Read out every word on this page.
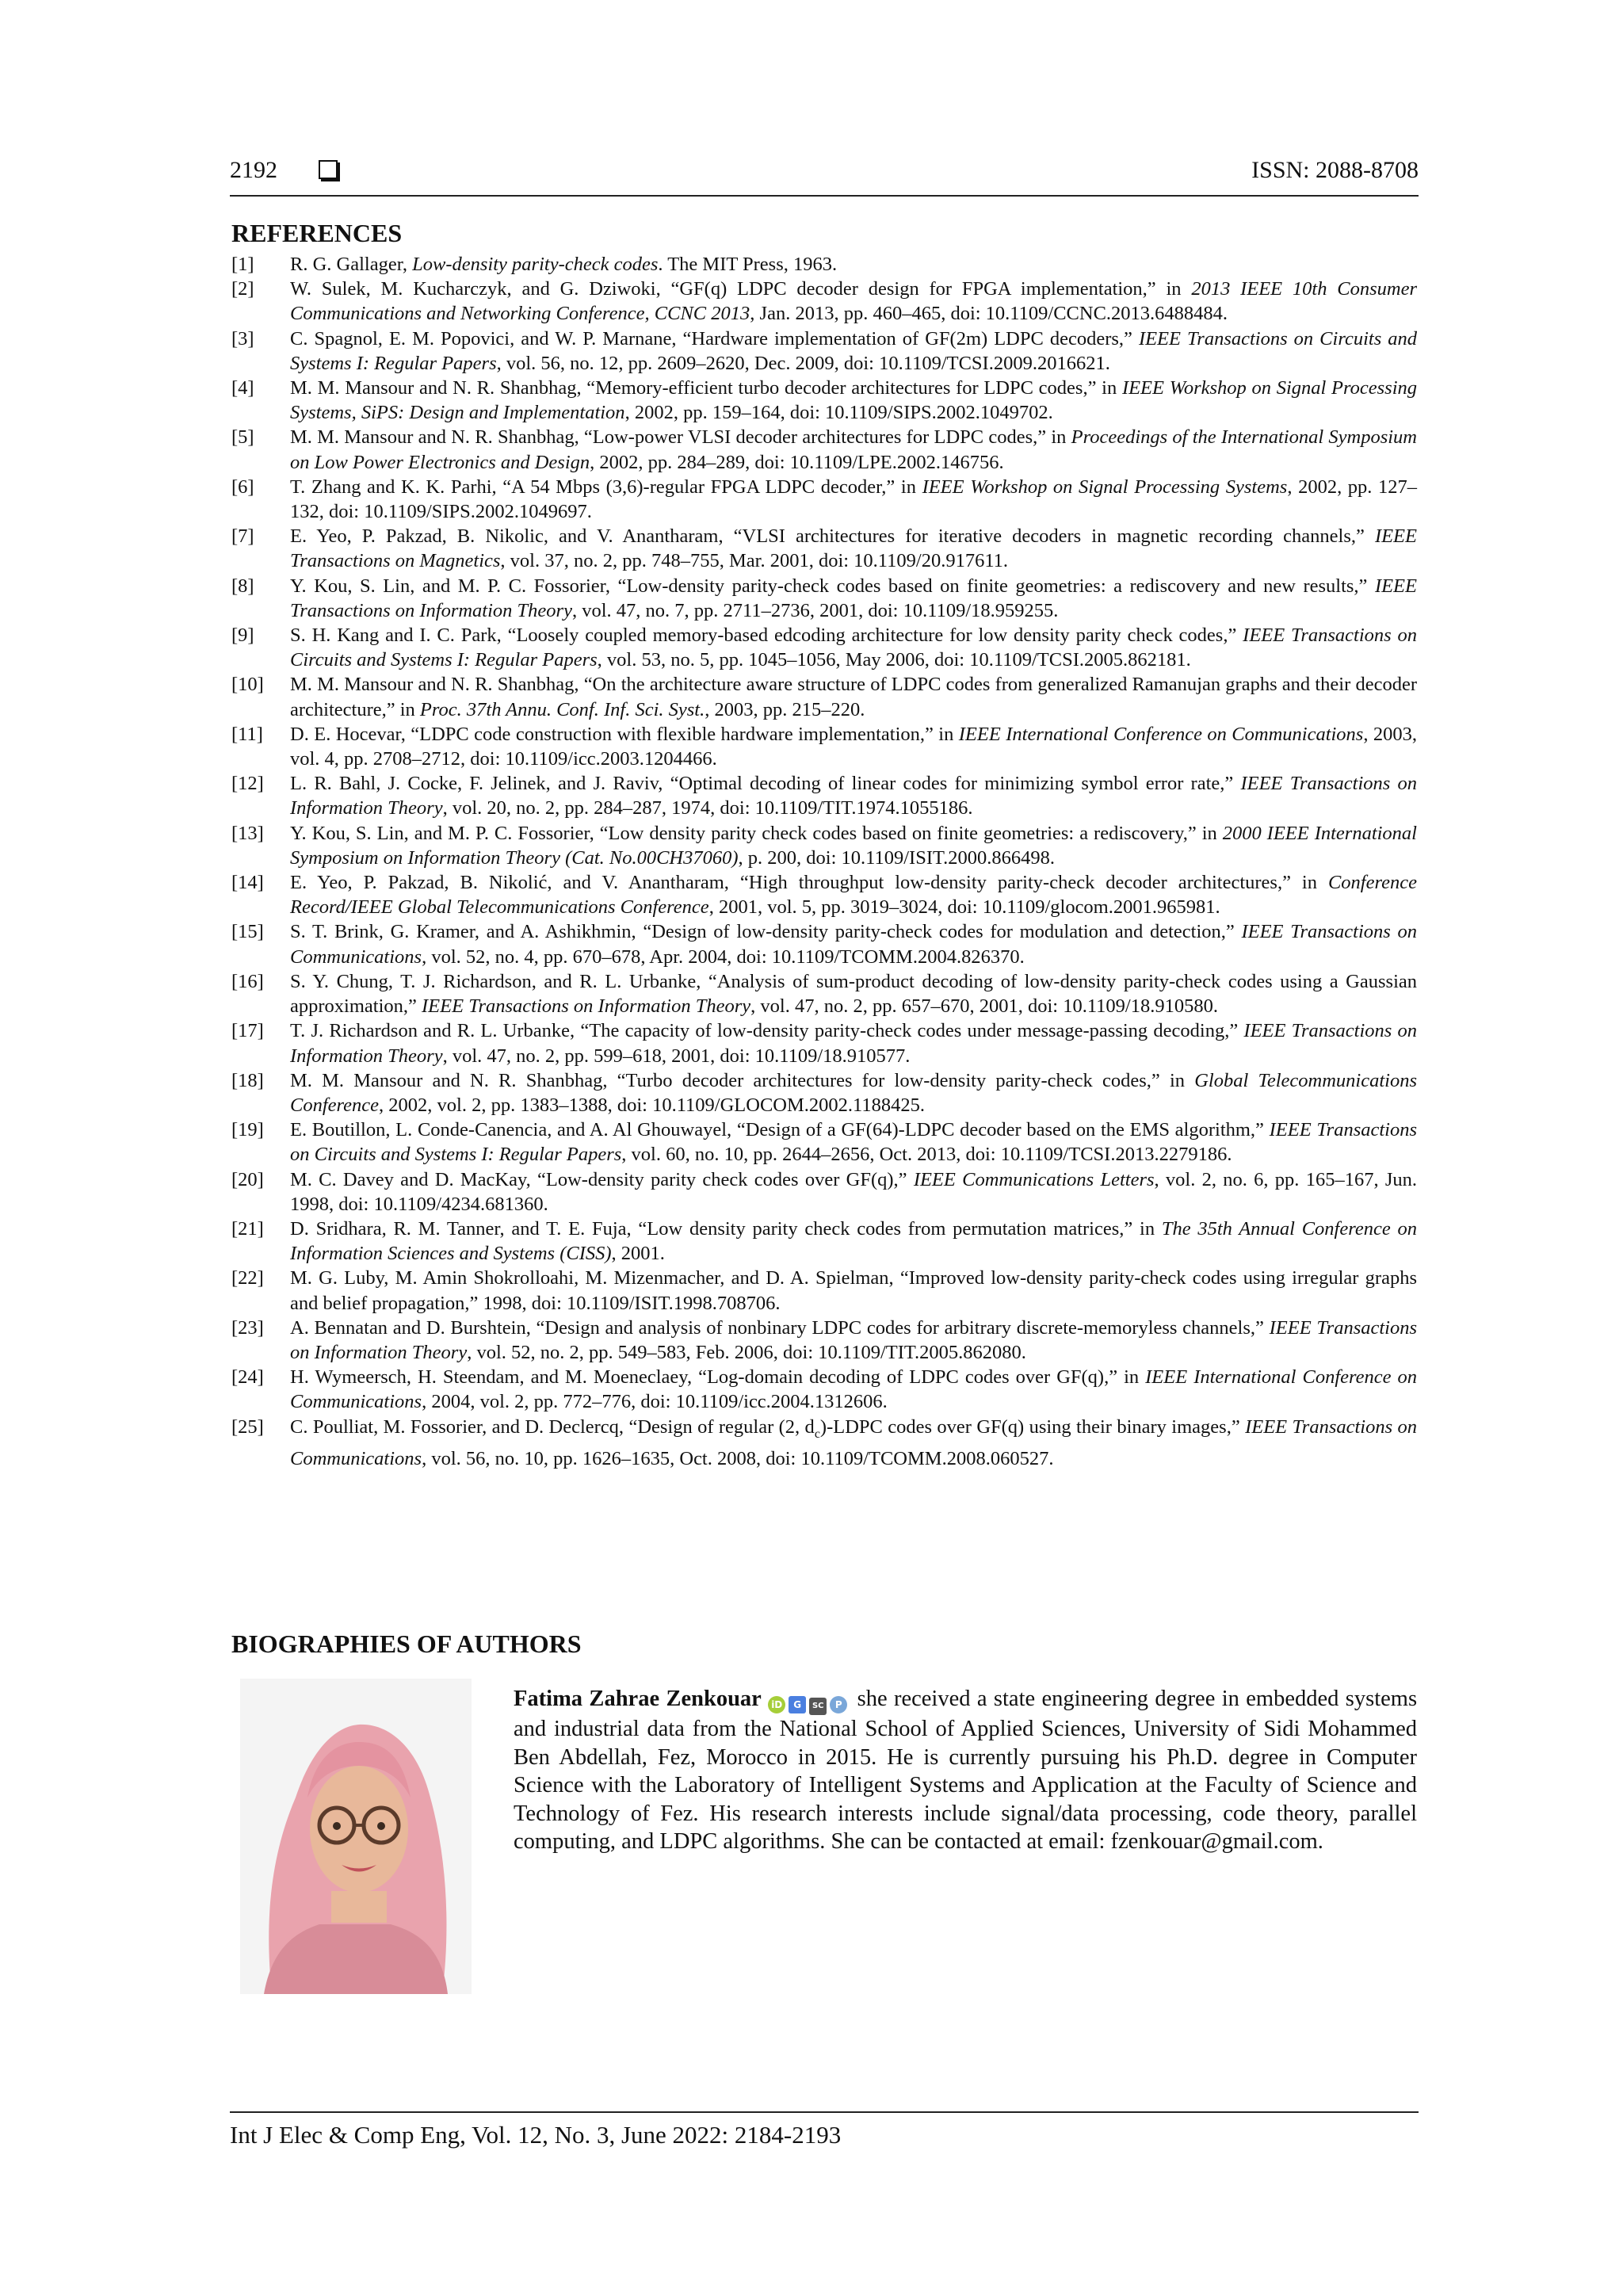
2192	ISSN: 2088-8708
REFERENCES
[1] R. G. Gallager, Low-density parity-check codes. The MIT Press, 1963.
[2] W. Sulek, M. Kucharczyk, and G. Dziwoki, “GF(q) LDPC decoder design for FPGA implementation,” in 2013 IEEE 10th Consumer Communications and Networking Conference, CCNC 2013, Jan. 2013, pp. 460–465, doi: 10.1109/CCNC.2013.6488484.
[3] C. Spagnol, E. M. Popovici, and W. P. Marnane, “Hardware implementation of GF(2m) LDPC decoders,” IEEE Transactions on Circuits and Systems I: Regular Papers, vol. 56, no. 12, pp. 2609–2620, Dec. 2009, doi: 10.1109/TCSI.2009.2016621.
[4] M. M. Mansour and N. R. Shanbhag, “Memory-efficient turbo decoder architectures for LDPC codes,” in IEEE Workshop on Signal Processing Systems, SiPS: Design and Implementation, 2002, pp. 159–164, doi: 10.1109/SIPS.2002.1049702.
[5] M. M. Mansour and N. R. Shanbhag, “Low-power VLSI decoder architectures for LDPC codes,” in Proceedings of the International Symposium on Low Power Electronics and Design, 2002, pp. 284–289, doi: 10.1109/LPE.2002.146756.
[6] T. Zhang and K. K. Parhi, “A 54 Mbps (3,6)-regular FPGA LDPC decoder,” in IEEE Workshop on Signal Processing Systems, 2002, pp. 127–132, doi: 10.1109/SIPS.2002.1049697.
[7] E. Yeo, P. Pakzad, B. Nikolic, and V. Anantharam, “VLSI architectures for iterative decoders in magnetic recording channels,” IEEE Transactions on Magnetics, vol. 37, no. 2, pp. 748–755, Mar. 2001, doi: 10.1109/20.917611.
[8] Y. Kou, S. Lin, and M. P. C. Fossorier, “Low-density parity-check codes based on finite geometries: a rediscovery and new results,” IEEE Transactions on Information Theory, vol. 47, no. 7, pp. 2711–2736, 2001, doi: 10.1109/18.959255.
[9] S. H. Kang and I. C. Park, “Loosely coupled memory-based edcoding architecture for low density parity check codes,” IEEE Transactions on Circuits and Systems I: Regular Papers, vol. 53, no. 5, pp. 1045–1056, May 2006, doi: 10.1109/TCSI.2005.862181.
[10] M. M. Mansour and N. R. Shanbhag, “On the architecture aware structure of LDPC codes from generalized Ramanujan graphs and their decoder architecture,” in Proc. 37th Annu. Conf. Inf. Sci. Syst., 2003, pp. 215–220.
[11] D. E. Hocevar, “LDPC code construction with flexible hardware implementation,” in IEEE International Conference on Communications, 2003, vol. 4, pp. 2708–2712, doi: 10.1109/icc.2003.1204466.
[12] L. R. Bahl, J. Cocke, F. Jelinek, and J. Raviv, “Optimal decoding of linear codes for minimizing symbol error rate,” IEEE Transactions on Information Theory, vol. 20, no. 2, pp. 284–287, 1974, doi: 10.1109/TIT.1974.1055186.
[13] Y. Kou, S. Lin, and M. P. C. Fossorier, “Low density parity check codes based on finite geometries: a rediscovery,” in 2000 IEEE International Symposium on Information Theory (Cat. No.00CH37060), p. 200, doi: 10.1109/ISIT.2000.866498.
[14] E. Yeo, P. Pakzad, B. Nikolić, and V. Anantharam, “High throughput low-density parity-check decoder architectures,” in Conference Record/IEEE Global Telecommunications Conference, 2001, vol. 5, pp. 3019–3024, doi: 10.1109/glocom.2001.965981.
[15] S. T. Brink, G. Kramer, and A. Ashikhmin, “Design of low-density parity-check codes for modulation and detection,” IEEE Transactions on Communications, vol. 52, no. 4, pp. 670–678, Apr. 2004, doi: 10.1109/TCOMM.2004.826370.
[16] S. Y. Chung, T. J. Richardson, and R. L. Urbanke, “Analysis of sum-product decoding of low-density parity-check codes using a Gaussian approximation,” IEEE Transactions on Information Theory, vol. 47, no. 2, pp. 657–670, 2001, doi: 10.1109/18.910580.
[17] T. J. Richardson and R. L. Urbanke, “The capacity of low-density parity-check codes under message-passing decoding,” IEEE Transactions on Information Theory, vol. 47, no. 2, pp. 599–618, 2001, doi: 10.1109/18.910577.
[18] M. M. Mansour and N. R. Shanbhag, “Turbo decoder architectures for low-density parity-check codes,” in Global Telecommunications Conference, 2002, vol. 2, pp. 1383–1388, doi: 10.1109/GLOCOM.2002.1188425.
[19] E. Boutillon, L. Conde-Canencia, and A. Al Ghouwayel, “Design of a GF(64)-LDPC decoder based on the EMS algorithm,” IEEE Transactions on Circuits and Systems I: Regular Papers, vol. 60, no. 10, pp. 2644–2656, Oct. 2013, doi: 10.1109/TCSI.2013.2279186.
[20] M. C. Davey and D. MacKay, “Low-density parity check codes over GF(q),” IEEE Communications Letters, vol. 2, no. 6, pp. 165–167, Jun. 1998, doi: 10.1109/4234.681360.
[21] D. Sridhara, R. M. Tanner, and T. E. Fuja, “Low density parity check codes from permutation matrices,” in The 35th Annual Conference on Information Sciences and Systems (CISS), 2001.
[22] M. G. Luby, M. Amin Shokrolloahi, M. Mizenmacher, and D. A. Spielman, “Improved low-density parity-check codes using irregular graphs and belief propagation,” 1998, doi: 10.1109/ISIT.1998.708706.
[23] A. Bennatan and D. Burshtein, “Design and analysis of nonbinary LDPC codes for arbitrary discrete-memoryless channels,” IEEE Transactions on Information Theory, vol. 52, no. 2, pp. 549–583, Feb. 2006, doi: 10.1109/TIT.2005.862080.
[24] H. Wymeersch, H. Steendam, and M. Moeneclaey, “Log-domain decoding of LDPC codes over GF(q),” in IEEE International Conference on Communications, 2004, vol. 2, pp. 772–776, doi: 10.1109/icc.2004.1312606.
[25] C. Poulliat, M. Fossorier, and D. Declercq, “Design of regular (2, $d_c$)-LDPC codes over GF(q) using their binary images,” IEEE Transactions on Communications, vol. 56, no. 10, pp. 1626–1635, Oct. 2008, doi: 10.1109/TCOMM.2008.060527.
BIOGRAPHIES OF AUTHORS
Fatima Zahrae Zenkouar iD G SC P she received a state engineering degree in embedded systems and industrial data from the National School of Applied Sciences, University of Sidi Mohammed Ben Abdellah, Fez, Morocco in 2015. He is currently pursuing his Ph.D. degree in Computer Science with the Laboratory of Intelligent Systems and Application at the Faculty of Science and Technology of Fez. His research interests include signal/data processing, code theory, parallel computing, and LDPC algorithms. She can be contacted at email: fzenkouar@gmail.com.
Int J Elec & Comp Eng, Vol. 12, No. 3, June 2022: 2184-2193
